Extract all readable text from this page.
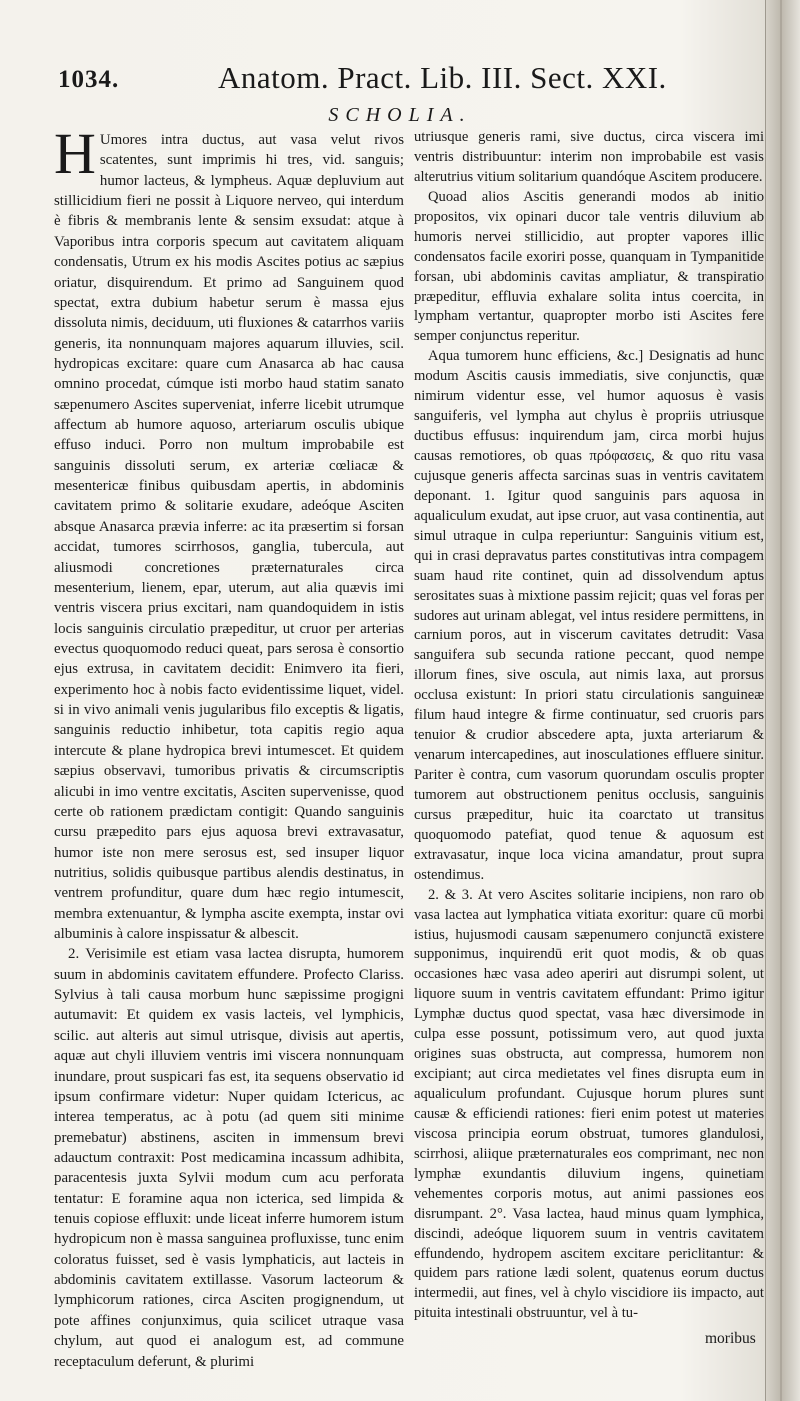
1034.	Anatom. Pract. Lib. III. Sect. XXI.
SCHOLIA.

H Umores intra ductus, aut vasa velut rivos scatentes, sunt imprimis hi tres, vid. sanguis; humor lacteus, & lympheus. Aquæ depluvium aut stillicidium fieri ne possit à Liquore nerveo, qui interdum è fibris & membranis lente & sensim exsudat: atque à Vaporibus intra corporis specum aut cavitatem aliquam condensatis, Utrum ex his modis Ascites potius ac sæpius oriatur, disquirendum. Et primo ad Sanguinem quod spectat, extra dubium habetur serum è massa ejus dissoluta nimis, deciduum, uti fluxiones & catarrhos variis generis, ita nonnunquam majores aquarum illuvies, scil. hydropicas excitare: quare cum Anasarca ab hac causa omnino procedat, cúmque isti morbo haud statim sanato sæpenumero Ascites superveniat, inferre licebit utrumque affectum ab humore aquoso, arteriarum osculis ubique effuso induci. Porro non multum improbabile est sanguinis dissoluti serum, ex arteriæ cœliacæ & mesentericæ finibus quibusdam apertis, in abdominis cavitatem primo & solitarie exudare, adeóque Asciten absque Anasarca prævia inferre: ac ita præsertim si forsan accidat, tumores scirrhosos, ganglia, tubercula, aut aliusmodi concretiones præternaturales circa mesenterium, lienem, epar, uterum, aut alia quævis imi ventris viscera prius excitari, nam quandoquidem in istis locis sanguinis circulatio præpeditur, ut cruor per arterias evectus quoquomodo reduci queat, pars serosa è consortio ejus extrusa, in cavitatem decidit: Enimvero ita fieri, experimento hoc à nobis facto evidentissime liquet, videl. si in vivo animali venis jugularibus filo exceptis & ligatis, sanguinis reductio inhibetur, tota capitis regio aqua intercute & plane hydropica brevi intumescet. Et quidem sæpius observavi, tumoribus privatis & circumscriptis alicubi in imo ventre excitatis, Asciten supervenisse, quod certe ob rationem prædictam contigit: Quando sanguinis cursu præpedito pars ejus aquosa brevi extravasatur, humor iste non mere serosus est, sed insuper liquor nutritius, solidis quibusque partibus alendis destinatus, in ventrem profunditur, quare dum hæc regio intumescit, membra extenuantur, & lympha ascite exempta, instar ovi albuminis à calore inspissatur & albescit.

2. Verisimile est etiam vasa lactea disrupta, humorem suum in abdominis cavitatem effundere. Profecto Clariss. Sylvius à tali causa morbum hunc sæpissime progigni autumavit: Et quidem ex vasis lacteis, vel lymphicis, scilic. aut alteris aut simul utrisque, divisis aut apertis, aquæ aut chyli illuviem ventris imi viscera nonnunquam inundare, prout suspicari fas est, ita sequens observatio id ipsum confirmare videtur: Nuper quidam Ictericus, ac interea temperatus, ac à potu (ad quem siti minime premebatur) abstinens, asciten in immensum brevi adauctum contraxit: Post medicamina incassum adhibita, paracentesis juxta Sylvii modum cum acu perforata tentatur: E foramine aqua non icterica, sed limpida & tenuis copiose effluxit: unde liceat inferre humorem istum hydropicum non è massa sanguinea profluxisse, tunc enim coloratus fuisset, sed è vasis lymphaticis, aut lacteis in abdominis cavitatem extillasse. Vasorum lacteorum & lymphicorum rationes, circa Asciten progignendum, ut pote affines conjunximus, quia scilicet utraque vasa chylum, aut quod ei analogum est, ad commune receptaculum deferunt, & plurimi

utriusque generis rami, sive ductus, circa viscera imi ventris distribuuntur: interim non improbabile est vasis alterutrius vitium solitarium quandóque Ascitem producere.

Quoad alios Ascitis generandi modos ab initio propositos, vix opinari ducor tale ventris diluvium ab humoris nervei stillicidio, aut propter vapores illic condensatos facile exoriri posse, quanquam in Tympanitide forsan, ubi abdominis cavitas ampliatur, & transpiratio præpeditur, effluvia exhalare solita intus coercita, in lympham vertantur, quapropter morbo isti Ascites fere semper conjunctus reperitur.

Aqua tumorem hunc efficiens, &c.] Designatis ad hunc modum Ascitis causis immediatis, sive conjunctis, quæ nimirum videntur esse, vel humor aquosus è vasis sanguiferis, vel lympha aut chylus è propriis utriusque ductibus effusus: inquirendum jam, circa morbi hujus causas remotiores, ob quas πρόφασεις, & quo ritu vasa cujusque generis affecta sarcinas suas in ventris cavitatem deponant. 1. Igitur quod sanguinis pars aquosa in aqualiculum exudat, aut ipse cruor, aut vasa continentia, aut simul utraque in culpa reperiuntur: Sanguinis vitium est, qui in crasi depravatus partes constitutivas intra compagem suam haud rite continet, quin ad dissolvendum aptus serositates suas à mixtione passim rejicit; quas vel foras per sudores aut urinam ablegat, vel intus residere permittens, in carnium poros, aut in viscerum cavitates detrudit: Vasa sanguifera sub secunda ratione peccant, quod nempe illorum fines, sive oscula, aut nimis laxa, aut prorsus occlusa existunt: In priori statu circulationis sanguineæ filum haud integre & firme continuatur, sed cruoris pars tenuior & crudior abscedere apta, juxta arteriarum & venarum intercapedines, aut inosculationes effluere sinitur. Pariter è contra, cum vasorum quorundam osculis propter tumorem aut obstructionem penitus occlusis, sanguinis cursus præpeditur, huic ita coarctato ut transitus quoquomodo patefiat, quod tenue & aquosum est extravasatur, inque loca vicina amandatur, prout supra ostendimus.

2. & 3. At vero Ascites solitarie incipiens, non raro ob vasa lactea aut lymphatica vitiata exoritur: quare cū morbi istius, hujusmodi causam sæpenumero conjunctā existere supponimus, inquirendū erit quot modis, & ob quas occasiones hæc vasa adeo aperiri aut disrumpi solent, ut liquore suum in ventris cavitatem effundant: Primo igitur Lymphæ ductus quod spectat, vasa hæc diversimode in culpa esse possunt, potissimum vero, aut quod juxta origines suas obstructa, aut compressa, humorem non excipiant; aut circa medietates vel fines disrupta eum in aqualiculum profundant. Cujusque horum plures sunt causæ & efficiendi rationes: fieri enim potest ut materies viscosa principia eorum obstruat, tumores glandulosi, scirrhosi, aliique præternaturales eos comprimant, nec non lymphæ exundantis diluvium ingens, quinetiam vehementes corporis motus, aut animi passiones eos disrumpant. 2°. Vasa lactea, haud minus quam lymphica, discindi, adeóque liquorem suum in ventris cavitatem effundendo, hydropem ascitem excitare periclitantur: & quidem pars ratione lædi solent, quatenus eorum ductus intermedii, aut fines, vel à chylo viscidiore iis impacto, aut pituita intestinali obstruuntur, vel à tu-

moribus
